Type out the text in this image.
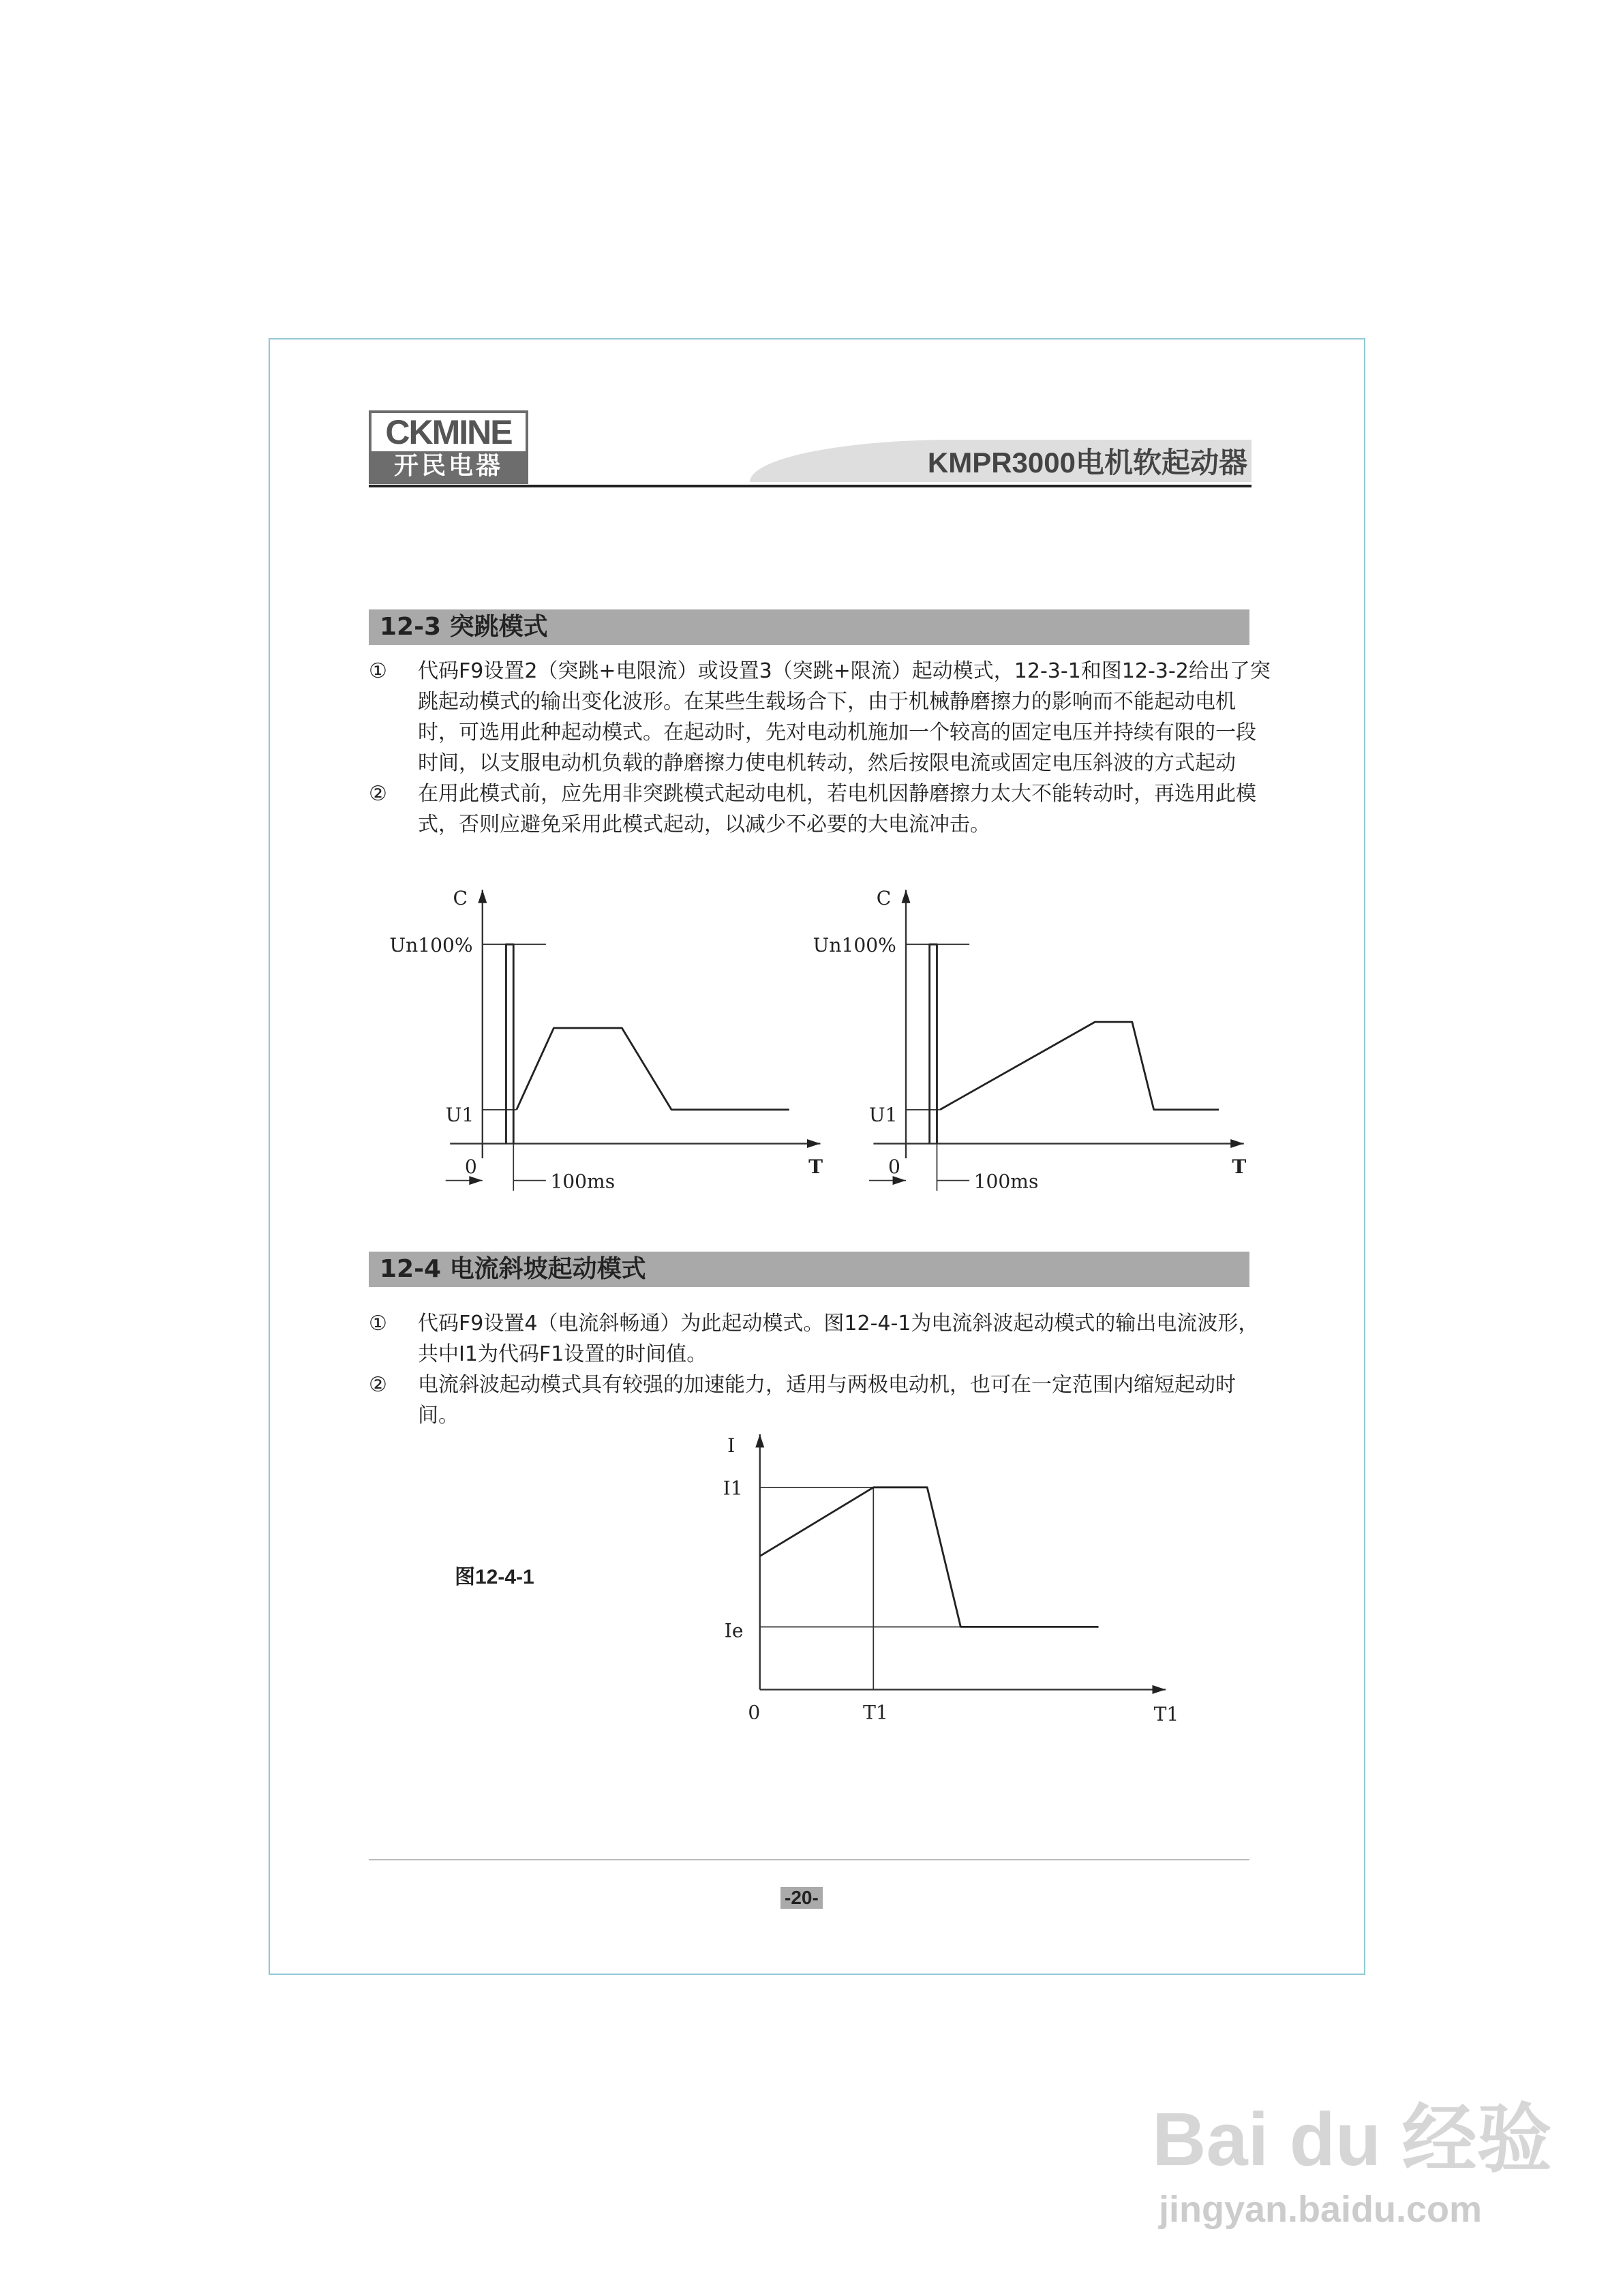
CKMINE
开民电器	KMPR3000电机软起动器
12-3 突跳模式
①	代码F9设置2（突跳+电限流）或设置3（突跳+限流）起动模式，12-3-1和图12-3-2给出了突跳起动模式的输出变化波形。在某些生载场合下，由于机械静磨擦力的影响而不能起动电机时，可选用此种起动模式。在起动时，先对电动机施加一个较高的固定电压并持续有限的一段时间，以支服电动机负载的静磨擦力使电机转动，然后按限电流或固定电压斜波的方式起动
②	在用此模式前，应先用非突跳模式起动电机，若电机因静磨擦力太大不能转动时，再选用此模式，否则应避免采用此模式起动，以减少不必要的大电流冲击。
12-4 电流斜坡起动模式
①	代码F9设置4（电流斜畅通）为此起动模式。图12-4-1为电流斜波起动模式的输出电流波形，共中I1为代码F1设置的时间值。
②	电流斜波起动模式具有较强的加速能力，适用与两极电动机，也可在一定范围内缩短起动时间。
图12-4-1
C
Un100%
U1
0	T
100ms
C
Un100%
U1
0	T
100ms
I
I1
Ie
0	T1	T1
-20-
Bai du 经验
jingyan.baidu.com
